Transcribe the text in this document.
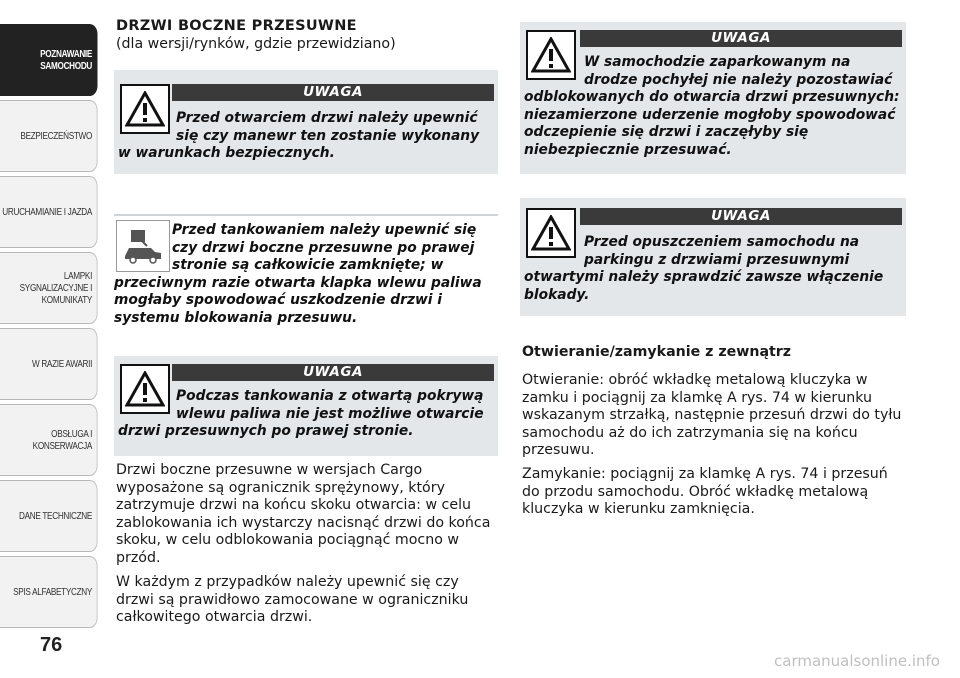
POZNAWANIE SAMOCHODU
BEZPIECZEŃSTWO
URUCHAMIANIE I JAZDA
LAMPKI SYGNALIZACYJNE I KOMUNIKATY
W RAZIE AWARII
OBSŁUGA I KONSERWACJA
DANE TECHNICZNE
SPIS ALFABETYCZNY
76
DRZWI BOCZNE PRZESUWNE
(dla wersji/rynków, gdzie przewidziano)
UWAGA
Przed otwarciem drzwi należy upewnić
się czy manewr ten zostanie wykonany
w warunkach bezpiecznych.
Przed tankowaniem należy upewnić się
czy drzwi boczne przesuwne po prawej
stronie są całkowicie zamknięte; w
przeciwnym razie otwarta klapka wlewu paliwa
mogłaby spowodować uszkodzenie drzwi i
systemu blokowania przesuwu.
UWAGA
Podczas tankowania z otwartą pokrywą
wlewu paliwa nie jest możliwe otwarcie
drzwi przesuwnych po prawej stronie.
Drzwi boczne przesuwne w wersjach Cargo wyposażone są ogranicznik sprężynowy, który zatrzymuje drzwi na końcu skoku otwarcia: w celu zablokowania ich wystarczy nacisnąć drzwi do końca skoku, w celu odblokowania pociągnąć mocno w przód.
W każdym z przypadków należy upewnić się czy drzwi są prawidłowo zamocowane w ograniczniku całkowitego otwarcia drzwi.
UWAGA
W samochodzie zaparkowanym na
drodze pochyłej nie należy pozostawiać
odblokowanych do otwarcia drzwi przesuwnych:
niezamierzone uderzenie mogłoby spowodować
odczepienie się drzwi i zaczęłyby się
niebezpiecznie przesuwać.
UWAGA
Przed opuszczeniem samochodu na
parkingu z drzwiami przesuwnymi
otwartymi należy sprawdzić zawsze włączenie
blokady.
Otwieranie/zamykanie z zewnątrz
Otwieranie: obróć wkładkę metalową kluczyka w zamku i pociągnij za klamkę A rys. 74 w kierunku wskazanym strzałką, następnie przesuń drzwi do tyłu samochodu aż do ich zatrzymania się na końcu przesuwu.
Zamykanie: pociągnij za klamkę A rys. 74 i przesuń do przodu samochodu. Obróć wkładkę metalową kluczyka w kierunku zamknięcia.
carmanualsonline.info
